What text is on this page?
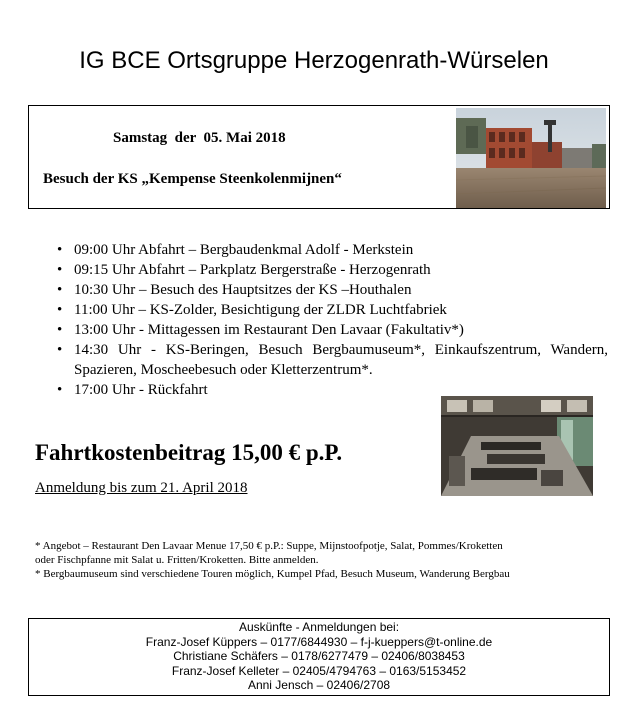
IG BCE Ortsgruppe Herzogenrath-Würselen
Samstag  der  05. Mai 2018
Besuch der KS „Kempense Steenkolenmijnen“
• 09:00 Uhr Abfahrt – Bergbaudenkmal Adolf - Merkstein
• 09:15 Uhr Abfahrt – Parkplatz Bergerstraße - Herzogenrath
• 10:30 Uhr – Besuch des Hauptsitzes der KS –Houthalen
• 11:00 Uhr – KS-Zolder, Besichtigung der ZLDR Luchtfabriek
• 13:00 Uhr - Mittagessen im Restaurant Den Lavaar (Fakultativ*)
• 14:30 Uhr - KS-Beringen, Besuch Bergbaumuseum*, Einkaufszentrum, Wandern, Spazieren, Moscheebesuch oder Kletterzentrum*.
• 17:00 Uhr - Rückfahrt
Fahrtkostenbeitrag 15,00 € p.P.
Anmeldung bis zum 21. April 2018
* Angebot – Restaurant Den Lavaar Menue 17,50 € p.P.: Suppe, Mijnstoofpotje, Salat, Pommes/Kroketten
oder Fischpfanne mit Salat u. Fritten/Kroketten. Bitte anmelden.
* Bergbaumuseum sind verschiedene Touren möglich, Kumpel Pfad, Besuch Museum, Wanderung Bergbau
Auskünfte - Anmeldungen bei:
Franz-Josef Küppers – 0177/6844930 – f-j-kueppers@t-online.de
Christiane Schäfers – 0178/6277479 – 02406/8038453
Franz-Josef Kelleter – 02405/4794763 – 0163/5153452
Anni Jensch – 02406/2708
